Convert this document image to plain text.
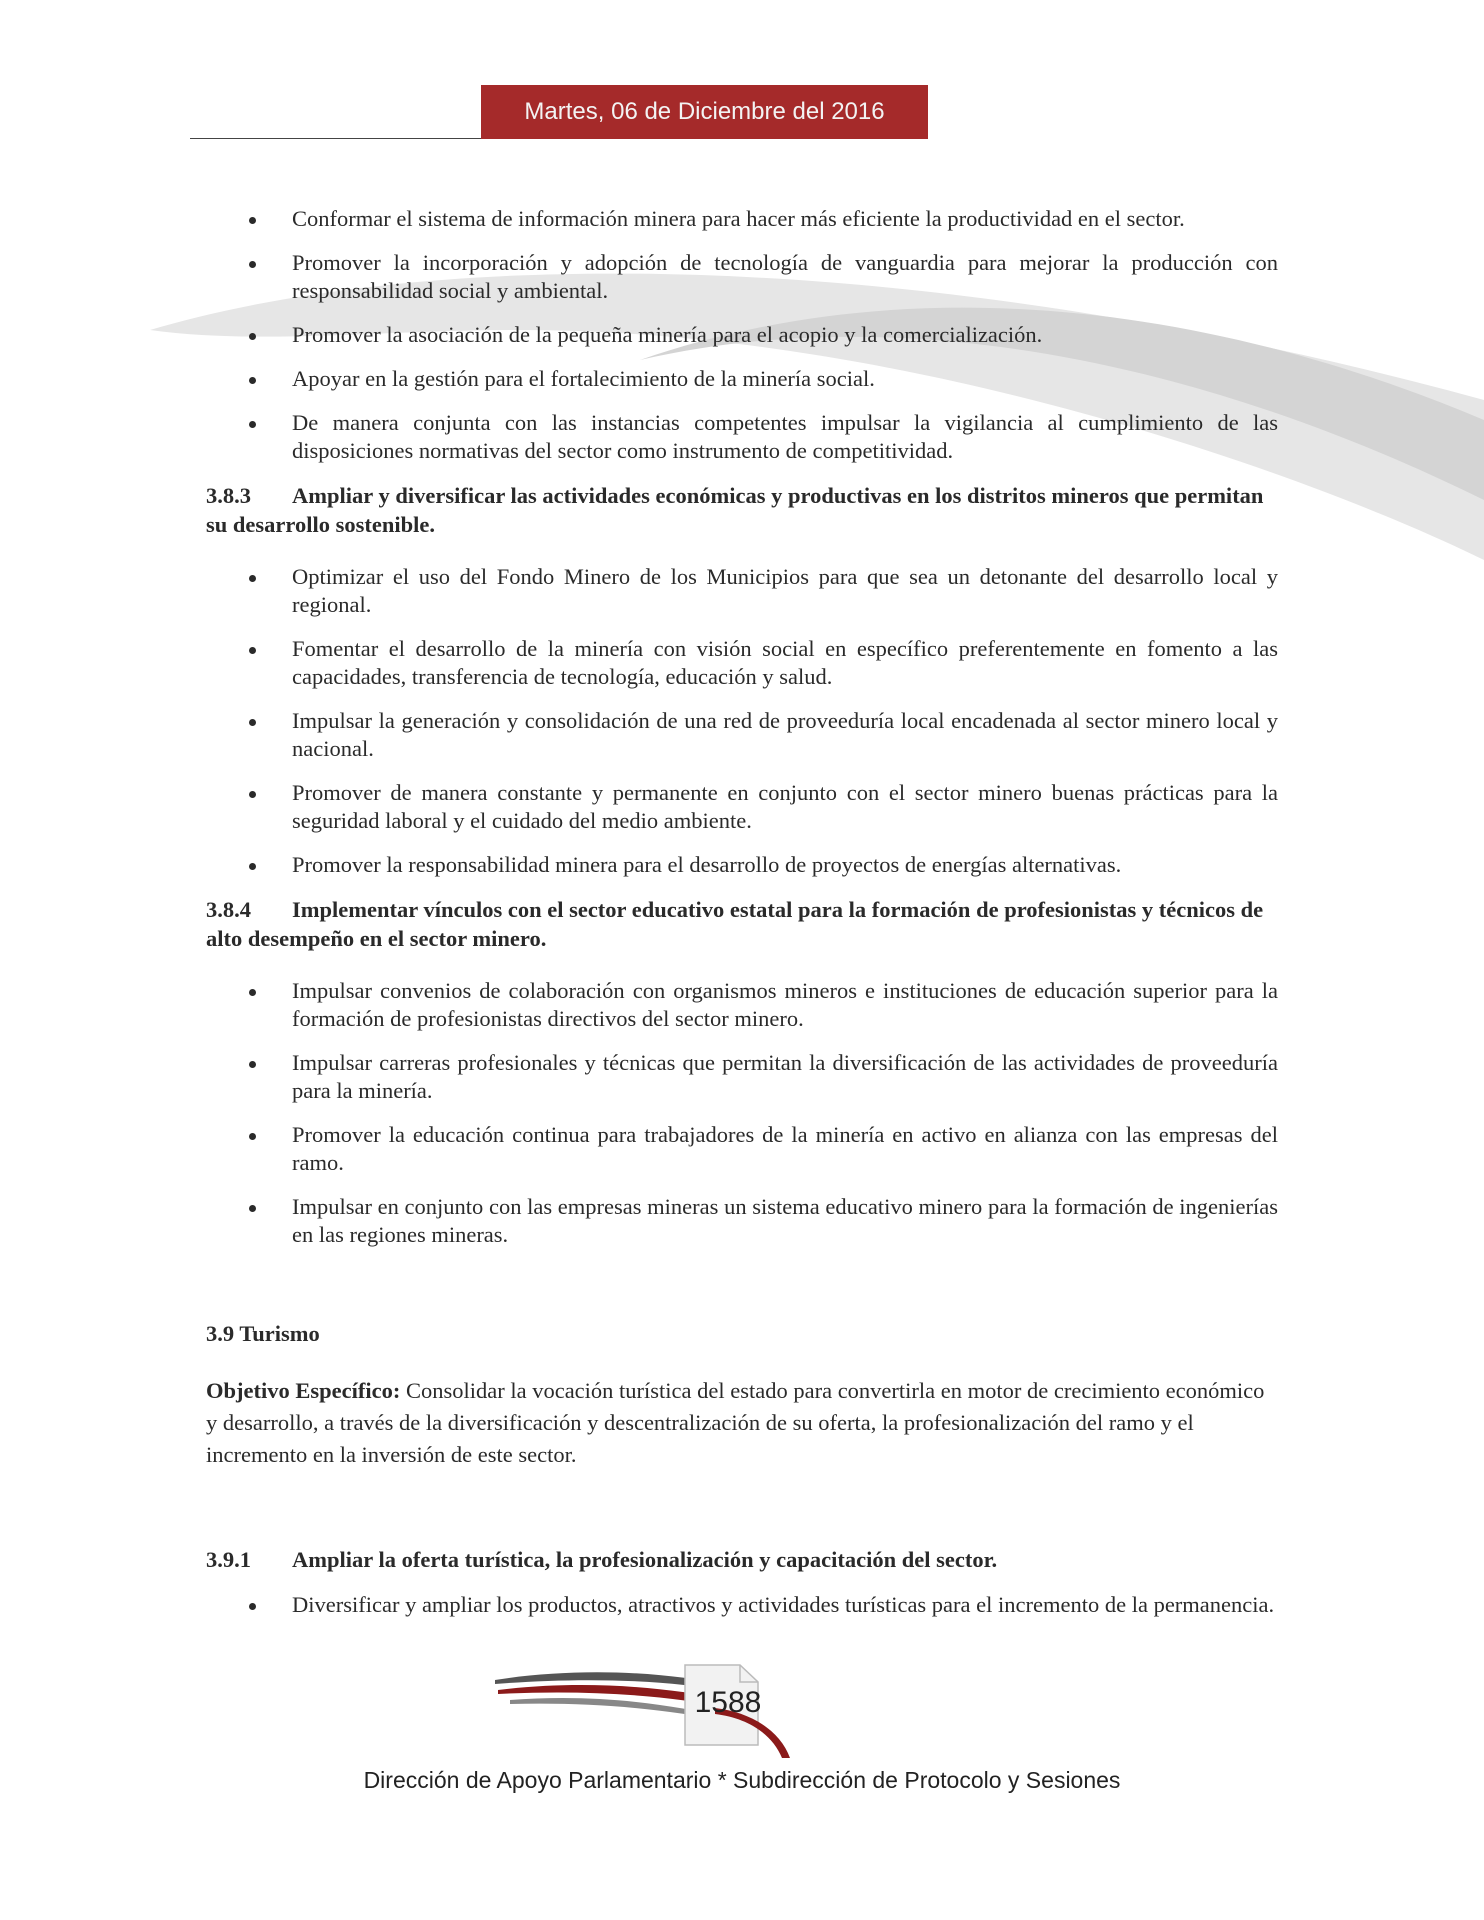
Martes, 06 de Diciembre del 2016
Conformar el sistema de información minera para hacer más eficiente la productividad en el sector.
Promover la incorporación y adopción de tecnología de vanguardia para mejorar la producción con responsabilidad social y ambiental.
Promover la asociación de la pequeña minería para el acopio y la comercialización.
Apoyar en la gestión para el fortalecimiento de la minería social.
De manera conjunta con las instancias competentes impulsar la vigilancia al cumplimiento de las disposiciones normativas del sector como instrumento de competitividad.
3.8.3 Ampliar y diversificar las actividades económicas y productivas en los distritos mineros que permitan su desarrollo sostenible.
Optimizar el uso del Fondo Minero de los Municipios para que sea un detonante del desarrollo local y regional.
Fomentar el desarrollo de la minería con visión social en específico preferentemente en fomento a las capacidades, transferencia de tecnología, educación y salud.
Impulsar la generación y consolidación de una red de proveeduría local encadenada al sector minero local y nacional.
Promover de manera constante y permanente en conjunto con el sector minero buenas prácticas para la seguridad laboral y el cuidado del medio ambiente.
Promover la responsabilidad minera para el desarrollo de proyectos de energías alternativas.
3.8.4 Implementar vínculos con el sector educativo estatal para la formación de profesionistas y técnicos de alto desempeño en el sector minero.
Impulsar convenios de colaboración con organismos mineros e instituciones de educación superior para la formación de profesionistas directivos del sector minero.
Impulsar carreras profesionales y técnicas que permitan la diversificación de las actividades de proveeduría para la minería.
Promover la educación continua para trabajadores de la minería en activo en alianza con las empresas del ramo.
Impulsar en conjunto con las empresas mineras un sistema educativo minero para la formación de ingenierías en las regiones mineras.
3.9 Turismo
Objetivo Específico: Consolidar la vocación turística del estado para convertirla en motor de crecimiento económico y desarrollo, a través de la diversificación y descentralización de su oferta, la profesionalización del ramo y el incremento en la inversión de este sector.
3.9.1 Ampliar la oferta turística, la profesionalización y capacitación del sector.
Diversificar y ampliar los productos, atractivos y actividades turísticas para el incremento de la permanencia.
1588
Dirección de Apoyo Parlamentario * Subdirección de Protocolo y Sesiones
